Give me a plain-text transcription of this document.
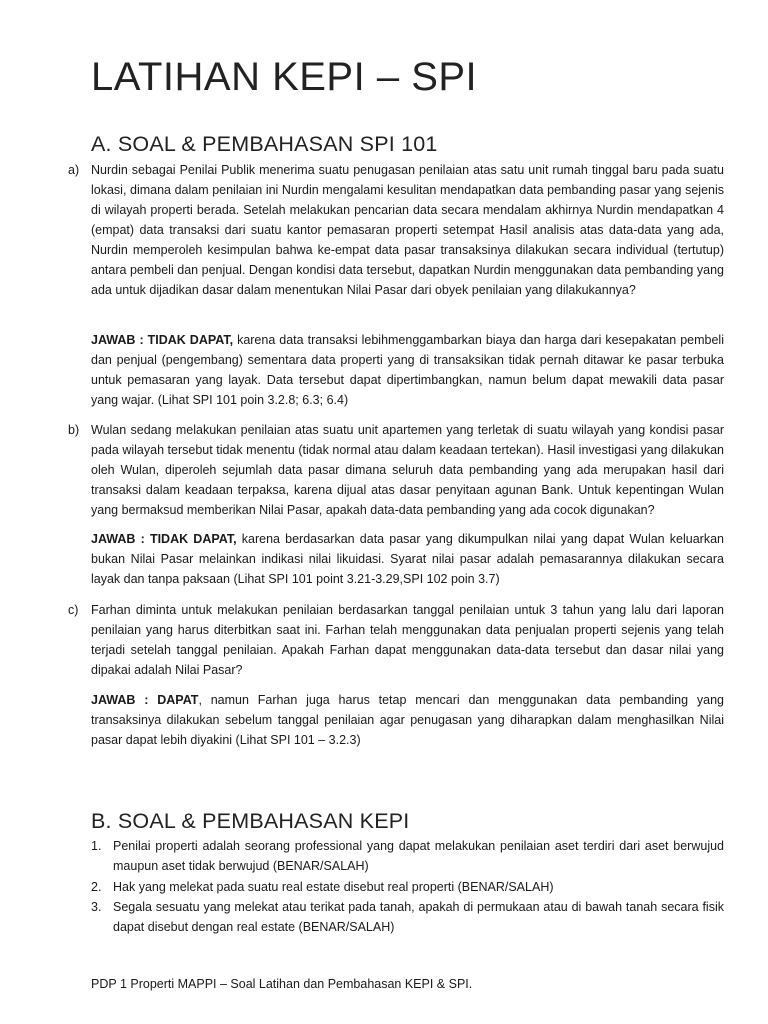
LATIHAN KEPI – SPI
A. SOAL & PEMBAHASAN SPI 101
a) Nurdin sebagai Penilai Publik menerima suatu penugasan penilaian atas satu unit rumah tinggal baru pada suatu lokasi, dimana dalam penilaian ini Nurdin mengalami kesulitan mendapatkan data pembanding pasar yang sejenis di wilayah properti berada. Setelah melakukan pencarian data secara mendalam akhirnya Nurdin mendapatkan 4 (empat) data transaksi dari suatu kantor pemasaran properti setempat Hasil analisis atas data-data yang ada, Nurdin memperoleh kesimpulan bahwa ke-empat data pasar transaksinya dilakukan secara individual (tertutup) antara pembeli dan penjual. Dengan kondisi data tersebut, dapatkan Nurdin menggunakan data pembanding yang ada untuk dijadikan dasar dalam menentukan Nilai Pasar dari obyek penilaian yang dilakukannya?

JAWAB : TIDAK DAPAT, karena data transaksi lebihmenggambarkan biaya dan harga dari kesepakatan pembeli dan penjual (pengembang) sementara data properti yang di transaksikan tidak pernah ditawar ke pasar terbuka untuk pemasaran yang layak. Data tersebut dapat dipertimbangkan, namun belum dapat mewakili data pasar yang wajar. (Lihat SPI 101 poin 3.2.8; 6.3; 6.4)

b) Wulan sedang melakukan penilaian atas suatu unit apartemen yang terletak di suatu wilayah yang kondisi pasar pada wilayah tersebut tidak menentu (tidak normal atau dalam keadaan tertekan). Hasil investigasi yang dilakukan oleh Wulan, diperoleh sejumlah data pasar dimana seluruh data pembanding yang ada merupakan hasil dari transaksi dalam keadaan terpaksa, karena dijual atas dasar penyitaan agunan Bank. Untuk kepentingan Wulan yang bermaksud memberikan Nilai Pasar, apakah data-data pembanding yang ada cocok digunakan?

JAWAB : TIDAK DAPAT, karena berdasarkan data pasar yang dikumpulkan nilai yang dapat Wulan keluarkan bukan Nilai Pasar melainkan indikasi nilai likuidasi. Syarat nilai pasar adalah pemasarannya dilakukan secara layak dan tanpa paksaan (Lihat SPI 101 point 3.21-3.29,SPI 102 poin 3.7)

c) Farhan diminta untuk melakukan penilaian berdasarkan tanggal penilaian untuk 3 tahun yang lalu dari laporan penilaian yang harus diterbitkan saat ini. Farhan telah menggunakan data penjualan properti sejenis yang telah terjadi setelah tanggal penilaian. Apakah Farhan dapat menggunakan data-data tersebut dan dasar nilai yang dipakai adalah Nilai Pasar?

JAWAB : DAPAT, namun Farhan juga harus tetap mencari dan menggunakan data pembanding yang transaksinya dilakukan sebelum tanggal penilaian agar penugasan yang diharapkan dalam menghasilkan Nilai pasar dapat lebih diyakini (Lihat SPI 101 – 3.2.3)

B. SOAL & PEMBAHASAN KEPI
1. Penilai properti adalah seorang professional yang dapat melakukan penilaian aset terdiri dari aset berwujud maupun aset tidak berwujud (BENAR/SALAH)

2. Hak yang melekat pada suatu real estate disebut real properti (BENAR/SALAH)

3. Segala sesuatu yang melekat atau terikat pada tanah, apakah di permukaan atau di bawah tanah secara fisik dapat disebut dengan real estate (BENAR/SALAH)

PDP 1 Properti MAPPI – Soal Latihan dan Pembahasan KEPI & SPI.
